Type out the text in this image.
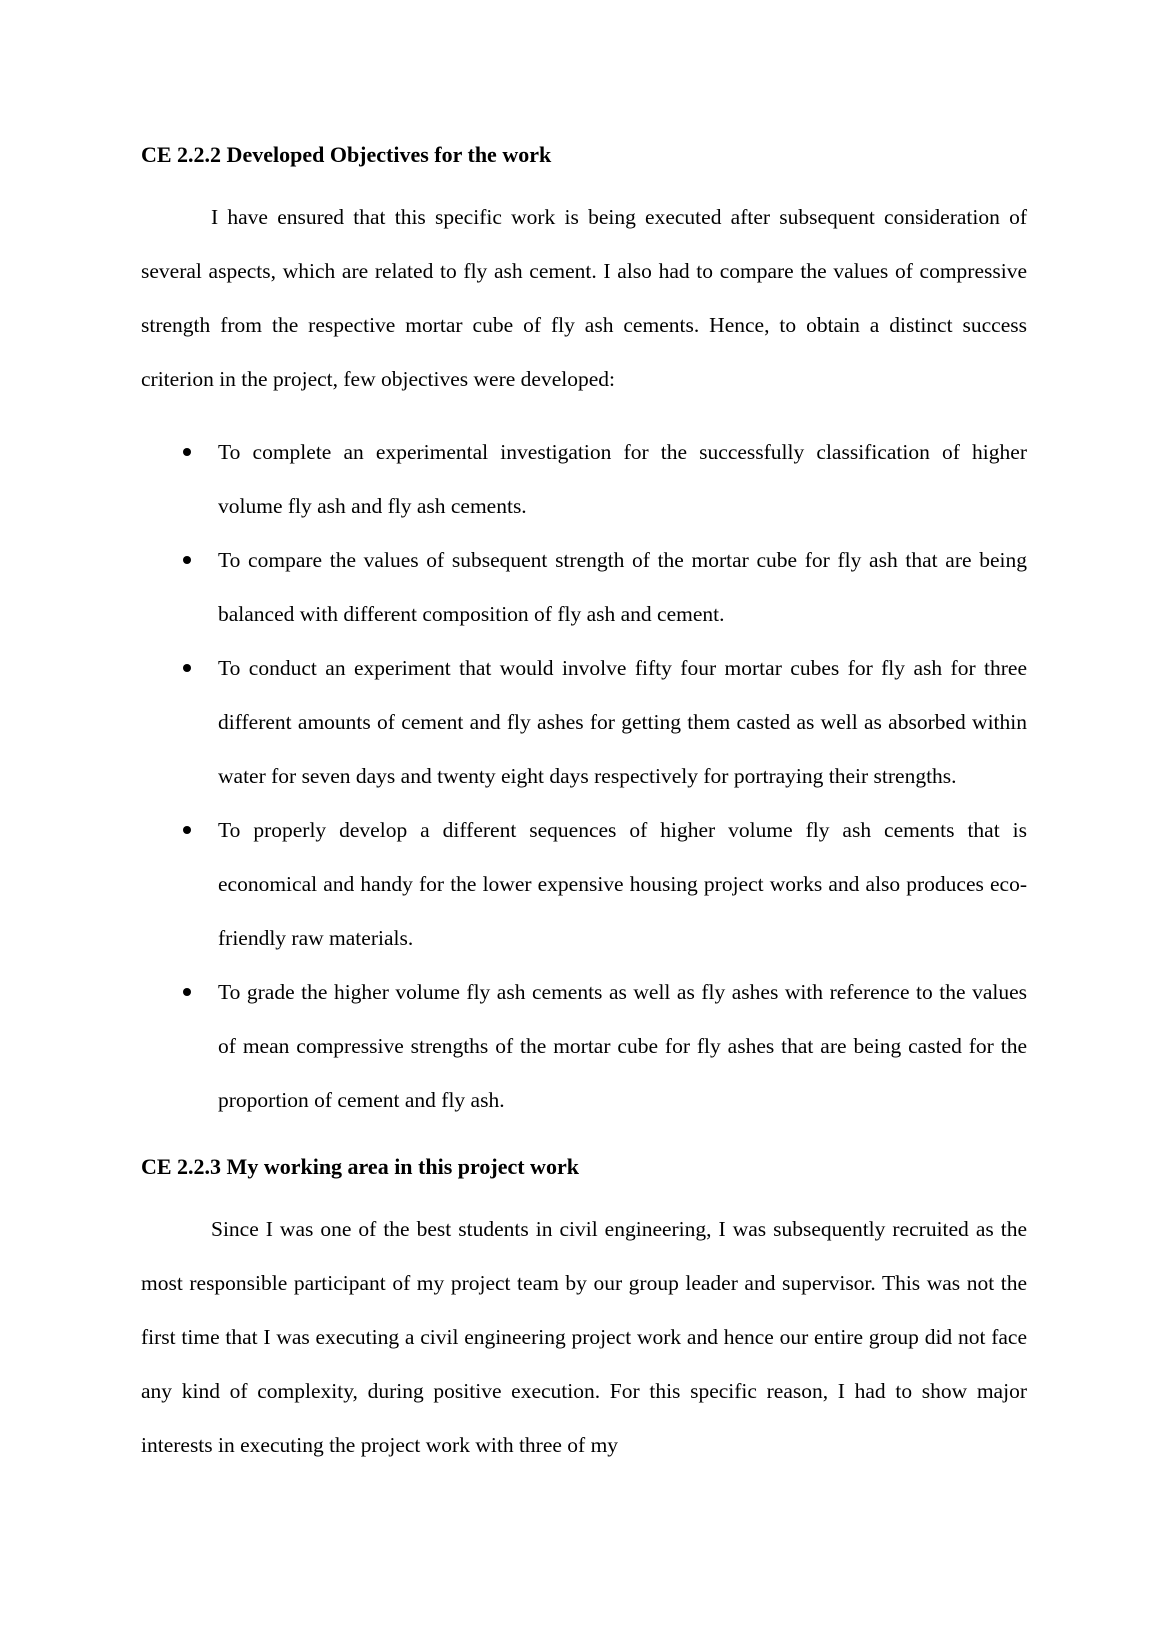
CE 2.2.2 Developed Objectives for the work

I have ensured that this specific work is being executed after subsequent consideration of several aspects, which are related to fly ash cement. I also had to compare the values of compressive strength from the respective mortar cube of fly ash cements. Hence, to obtain a distinct success criterion in the project, few objectives were developed:

To complete an experimental investigation for the successfully classification of higher volume fly ash and fly ash cements.
To compare the values of subsequent strength of the mortar cube for fly ash that are being balanced with different composition of fly ash and cement.
To conduct an experiment that would involve fifty four mortar cubes for fly ash for three different amounts of cement and fly ashes for getting them casted as well as absorbed within water for seven days and twenty eight days respectively for portraying their strengths.
To properly develop a different sequences of higher volume fly ash cements that is economical and handy for the lower expensive housing project works and also produces eco-friendly raw materials.
To grade the higher volume fly ash cements as well as fly ashes with reference to the values of mean compressive strengths of the mortar cube for fly ashes that are being casted for the proportion of cement and fly ash.
CE 2.2.3 My working area in this project work

Since I was one of the best students in civil engineering, I was subsequently recruited as the most responsible participant of my project team by our group leader and supervisor. This was not the first time that I was executing a civil engineering project work and hence our entire group did not face any kind of complexity, during positive execution. For this specific reason, I had to show major interests in executing the project work with three of my
